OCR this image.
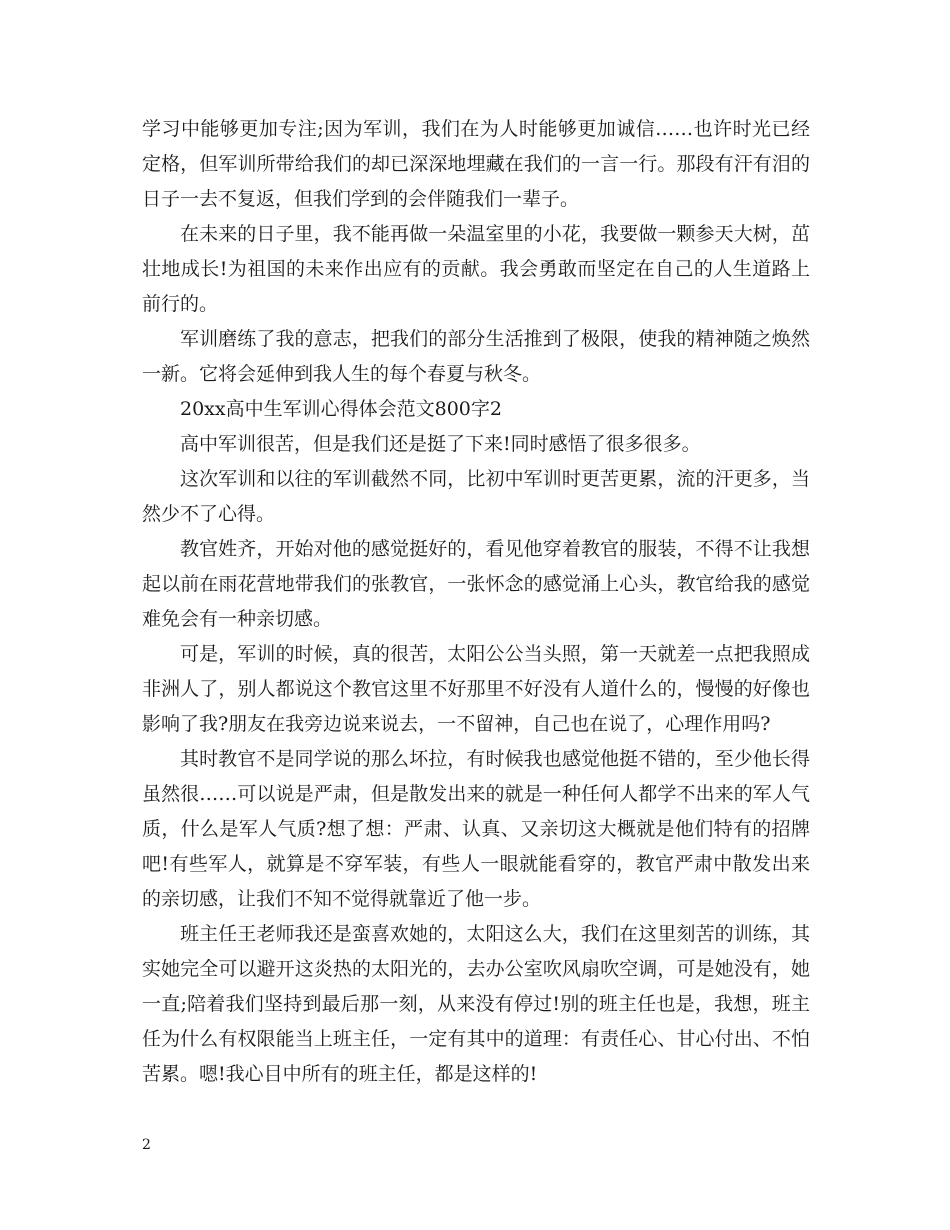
学习中能够更加专注;因为军训，我们在为人时能够更加诚信……也许时光已经定格，但军训所带给我们的却已深深地埋藏在我们的一言一行。那段有汗有泪的日子一去不复返，但我们学到的会伴随我们一辈子。

在未来的日子里，我不能再做一朵温室里的小花，我要做一颗参天大树，茁壮地成长!为祖国的未来作出应有的贡献。我会勇敢而坚定在自己的人生道路上前行的。

军训磨练了我的意志，把我们的部分生活推到了极限，使我的精神随之焕然一新。它将会延伸到我人生的每个春夏与秋冬。

20xx高中生军训心得体会范文800字2

高中军训很苦，但是我们还是挺了下来!同时感悟了很多很多。

这次军训和以往的军训截然不同，比初中军训时更苦更累，流的汗更多，当然少不了心得。

教官姓齐，开始对他的感觉挺好的，看见他穿着教官的服装，不得不让我想起以前在雨花营地带我们的张教官，一张怀念的感觉涌上心头，教官给我的感觉难免会有一种亲切感。

可是，军训的时候，真的很苦，太阳公公当头照，第一天就差一点把我照成非洲人了，别人都说这个教官这里不好那里不好没有人道什么的，慢慢的好像也影响了我?朋友在我旁边说来说去，一不留神，自己也在说了，心理作用吗?

其时教官不是同学说的那么坏拉，有时候我也感觉他挺不错的，至少他长得虽然很……可以说是严肃，但是散发出来的就是一种任何人都学不出来的军人气质，什么是军人气质?想了想：严肃、认真、又亲切这大概就是他们特有的招牌吧!有些军人，就算是不穿军装，有些人一眼就能看穿的，教官严肃中散发出来的亲切感，让我们不知不觉得就靠近了他一步。

班主任王老师我还是蛮喜欢她的，太阳这么大，我们在这里刻苦的训练，其实她完全可以避开这炎热的太阳光的，去办公室吹风扇吹空调，可是她没有，她一直;陪着我们坚持到最后那一刻，从来没有停过!别的班主任也是，我想，班主任为什么有权限能当上班主任，一定有其中的道理：有责任心、甘心付出、不怕苦累。嗯!我心目中所有的班主任，都是这样的!

2
